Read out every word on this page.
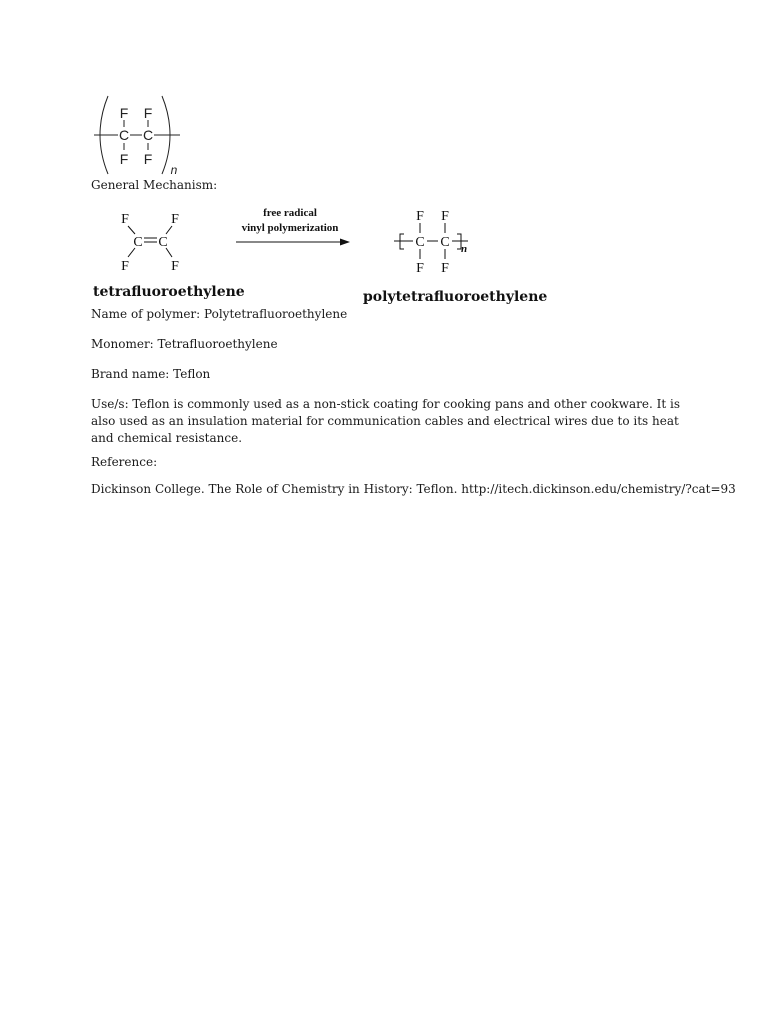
F F
C C
F F
n
General Mechanism:
F	F
C C
F	F
free radical
vinyl polymerization
F F
C C
F F
n
tetrafluoroethylene	polytetrafluoroethylene
Name of polymer: Polytetrafluoroethylene
Monomer: Tetrafluoroethylene
Brand name: Teflon
Use/s: Teflon is commonly used as a non-stick coating for cooking pans and other cookware. It is also used as an insulation material for communication cables and electrical wires due to its heat and chemical resistance.
Reference:
Dickinson College. The Role of Chemistry in History: Teflon. http://itech.dickinson.edu/chemistry/?cat=93
